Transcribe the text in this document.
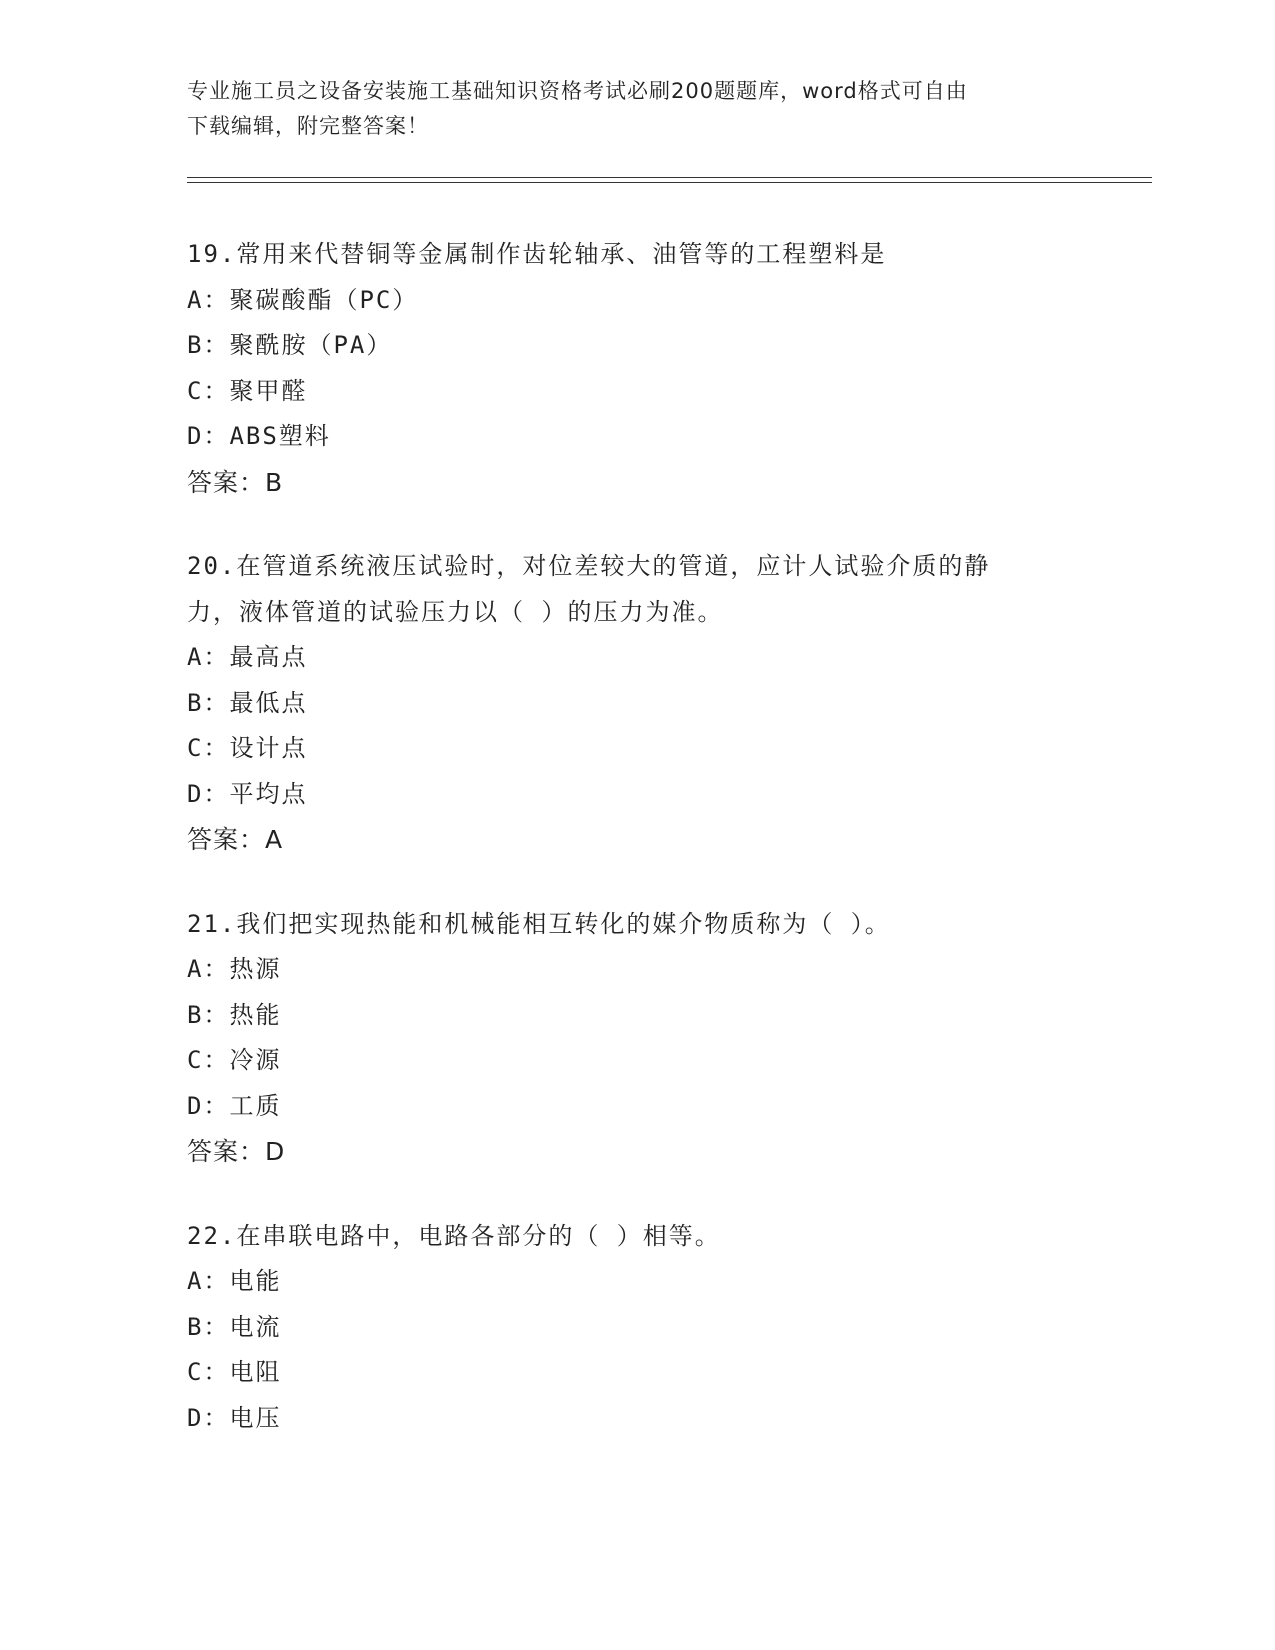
专业施工员之设备安装施工基础知识资格考试必刷200题题库，word格式可自由
下载编辑，附完整答案！
19.常用来代替铜等金属制作齿轮轴承、油管等的工程塑料是
A：聚碳酸酯（PC）
B：聚酰胺（PA）
C：聚甲醛
D：ABS塑料
答案：B
20.在管道系统液压试验时，对位差较大的管道，应计人试验介质的静
力，液体管道的试验压力以（ ）的压力为准。
A：最高点
B：最低点
C：设计点
D：平均点
答案：A
21.我们把实现热能和机械能相互转化的媒介物质称为（ ）。
A：热源
B：热能
C：冷源
D：工质
答案：D
22.在串联电路中，电路各部分的（ ）相等。
A：电能
B：电流
C：电阻
D：电压
